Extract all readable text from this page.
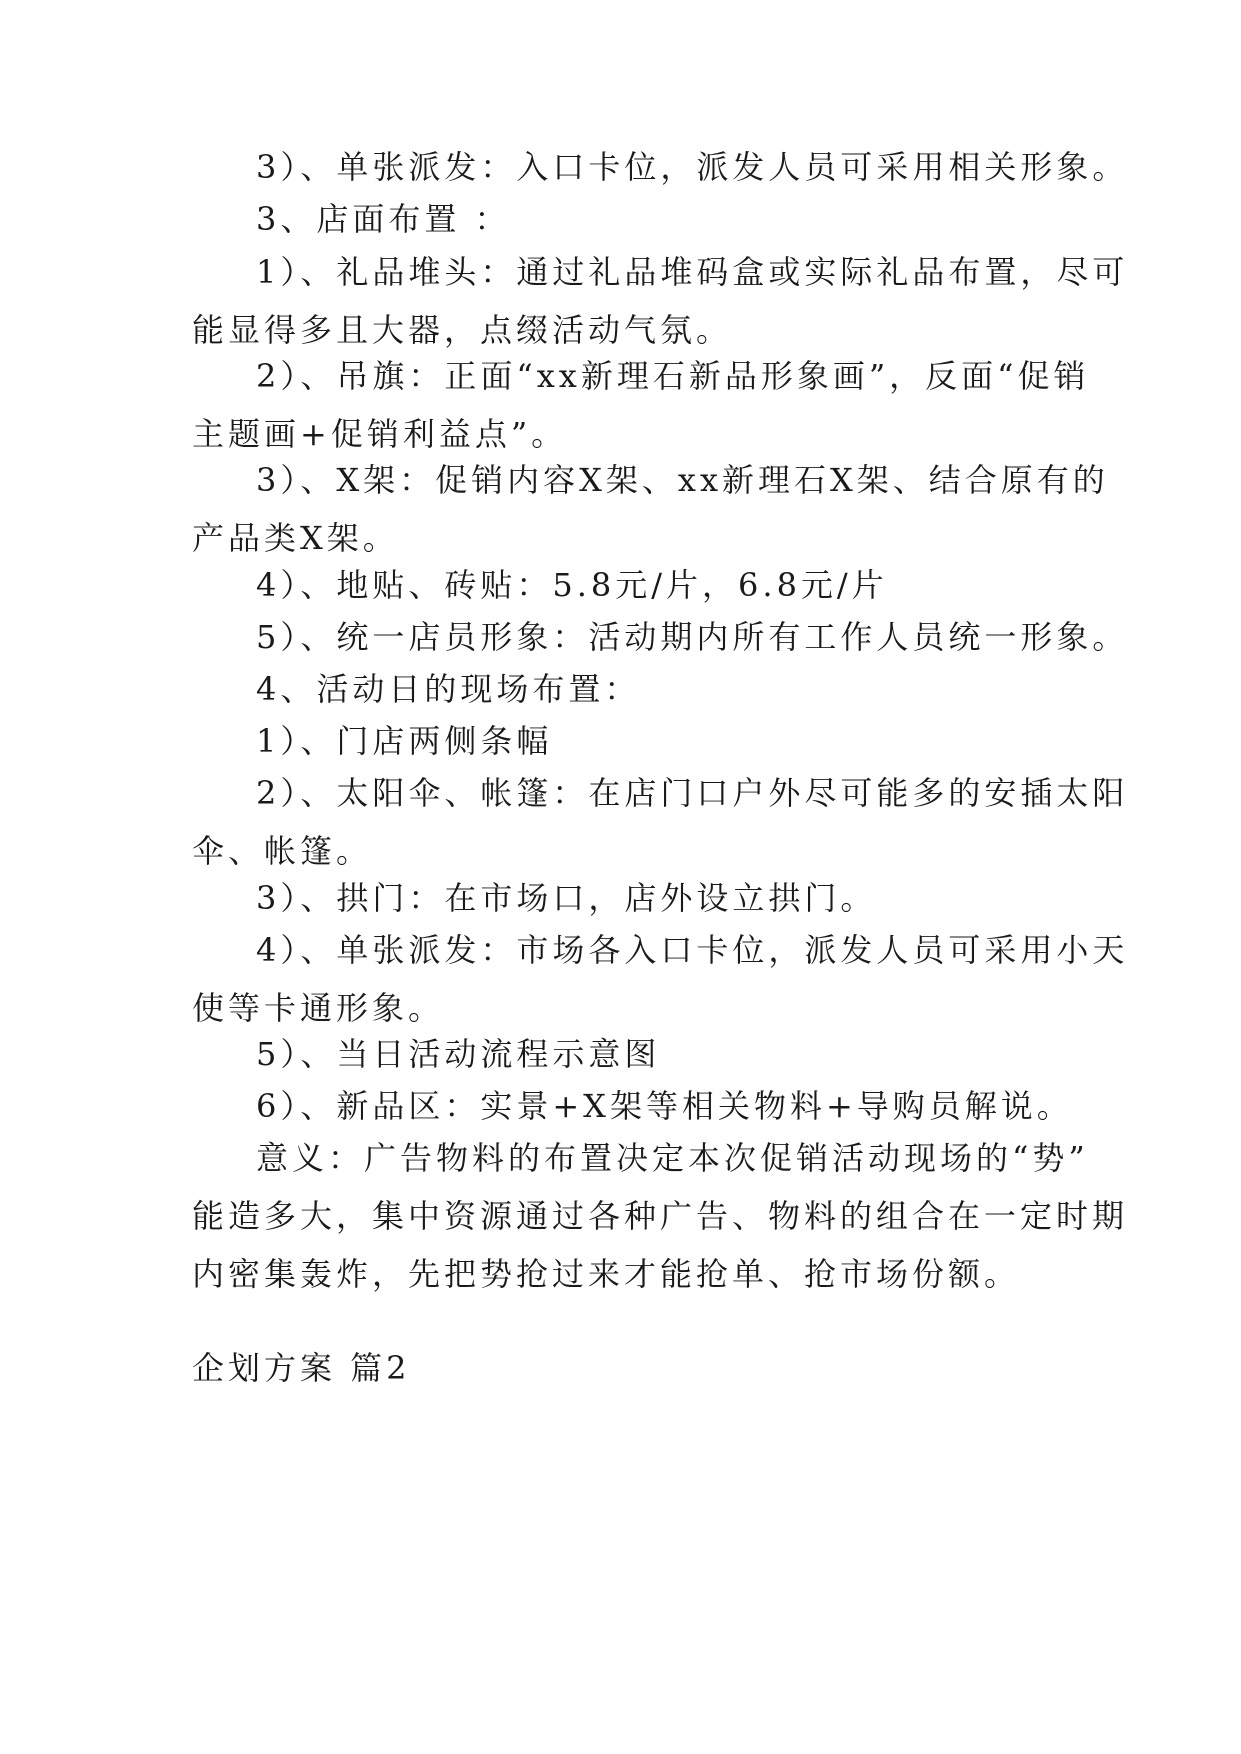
3）、单张派发：入口卡位，派发人员可采用相关形象。
3、店面布置 ：
1）、礼品堆头：通过礼品堆码盒或实际礼品布置，尽可
能显得多且大器，点缀活动气氛。
2）、吊旗：正面“xx新理石新品形象画”，反面“促销
主题画+促销利益点”。
3）、X架：促销内容X架、xx新理石X架、结合原有的
产品类X架。
4）、地贴、砖贴：5.8元/片，6.8元/片
5）、统一店员形象：活动期内所有工作人员统一形象。
4、活动日的现场布置：
1）、门店两侧条幅
2）、太阳伞、帐篷：在店门口户外尽可能多的安插太阳
伞、帐篷。
3）、拱门：在市场口，店外设立拱门。
4）、单张派发：市场各入口卡位，派发人员可采用小天
使等卡通形象。
5）、当日活动流程示意图
6）、新品区：实景+X架等相关物料+导购员解说。
意义：广告物料的布置决定本次促销活动现场的“势”
能造多大，集中资源通过各种广告、物料的组合在一定时期
内密集轰炸，先把势抢过来才能抢单、抢市场份额。
企划方案 篇2
